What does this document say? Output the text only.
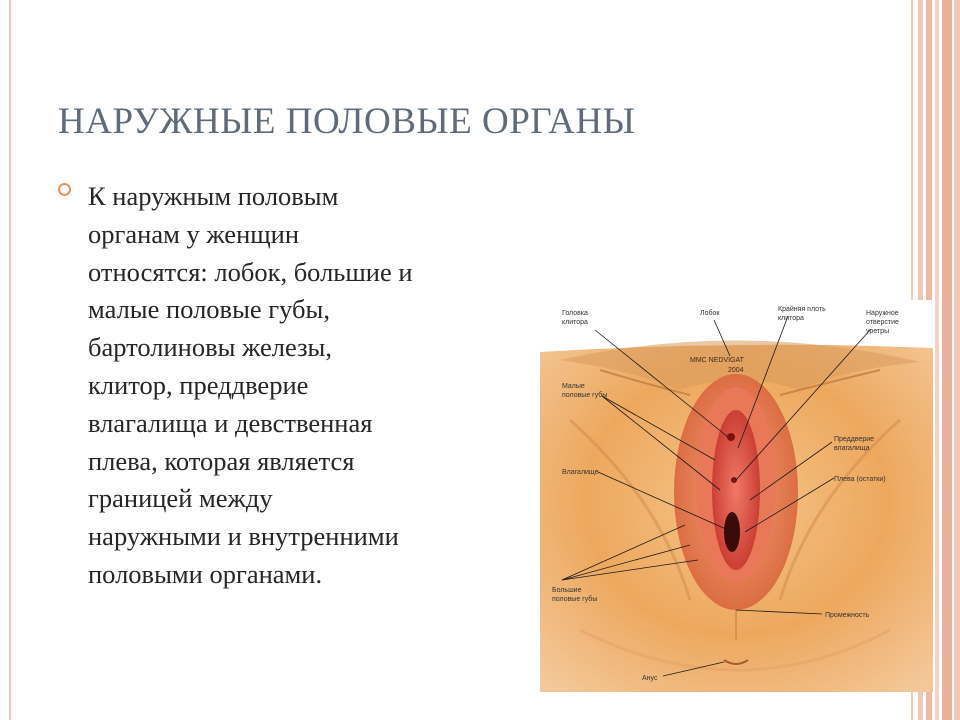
НАРУЖНЫЕ ПОЛОВЫЕ ОРГАНЫ

К наружным половым
органам у женщин
относятся: лобок, большие и
малые половые губы,
бартолиновы железы,
клитор, преддверие
влагалища и девственная
плева, которая является
границей между
наружными и внутренними
половыми органами.

MMC NEDVIGAT
2004
Головка
клитора
Лобок
Крайняя плоть
клитора
Наружное
отверстие
уретры
Малые
половые губы
Преддверие
влагалища
Влагалище
Плева (остатки)
Большие
половые губы
Промежность
Анус
